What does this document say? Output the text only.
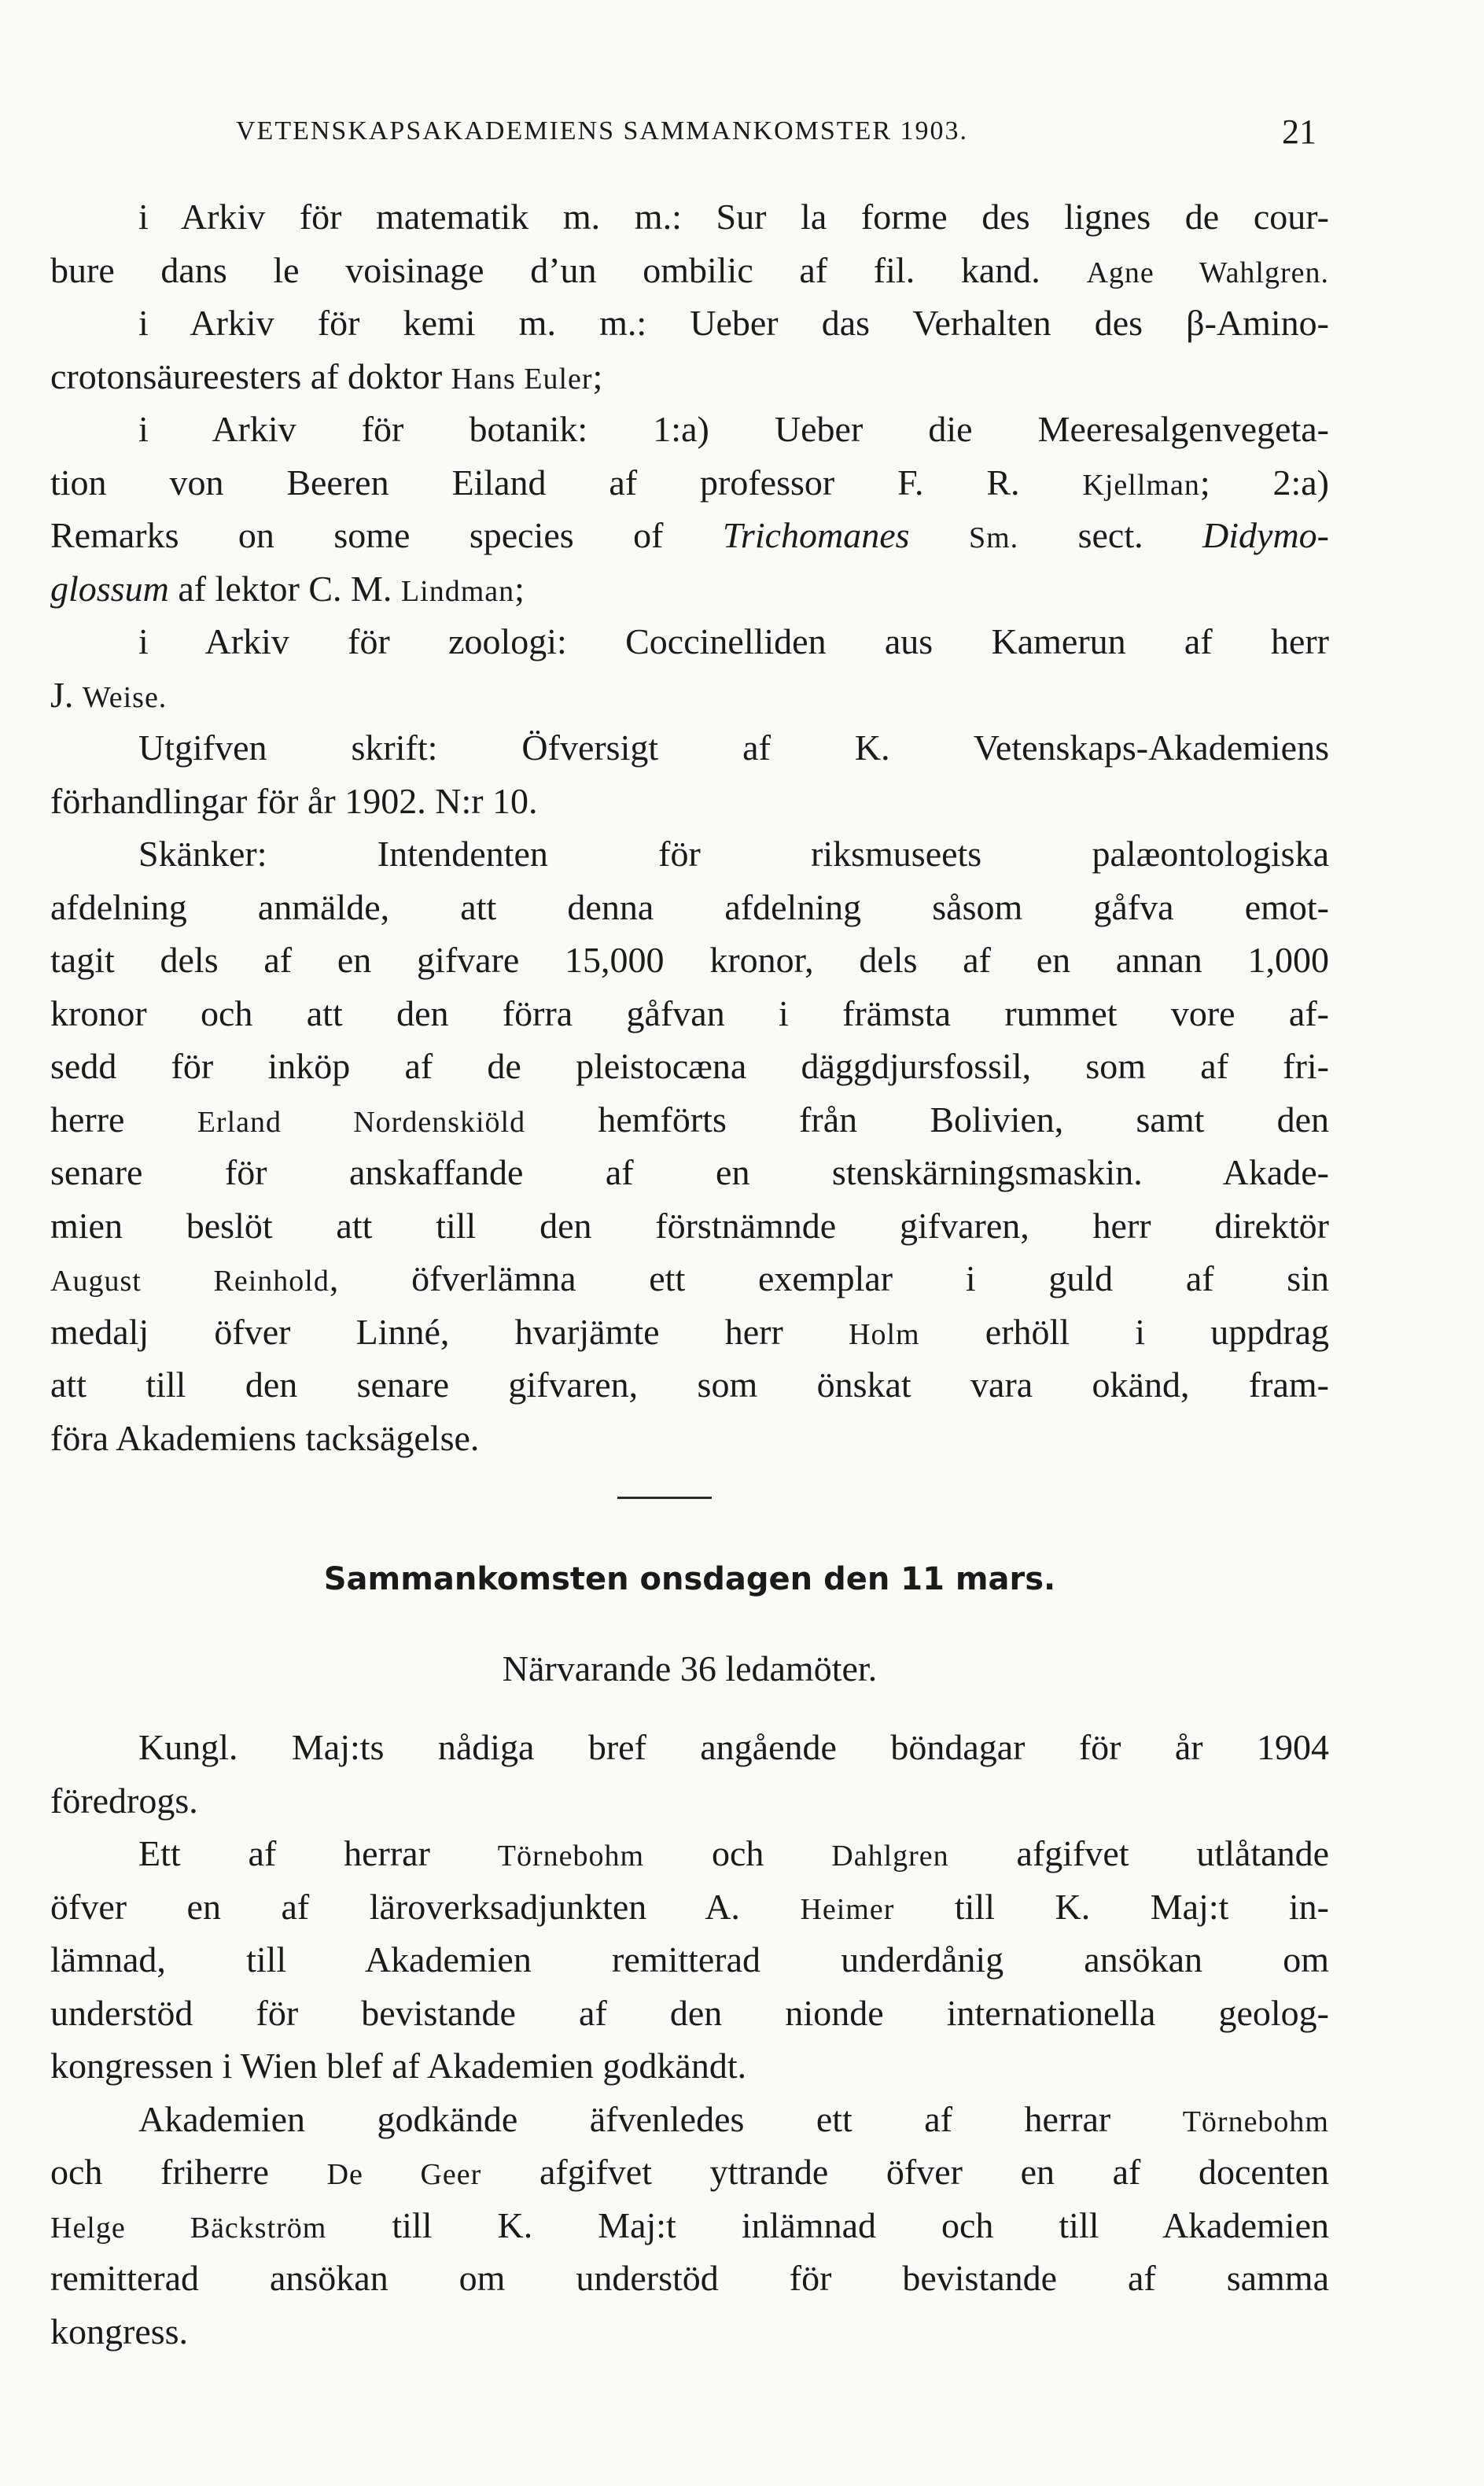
VETENSKAPSAKADEMIENS SAMMANKOMSTER 1903.	21
i Arkiv för matematik m. m.: Sur la forme des lignes de cour-
bure dans le voisinage d’un ombilic af fil. kand. Agne Wahlgren.
i Arkiv för kemi m. m.: Ueber das Verhalten des β-Amino-
crotonsäureesters af doktor Hans Euler;
i Arkiv för botanik: 1:a) Ueber die Meeresalgenvegeta-
tion von Beeren Eiland af professor F. R. Kjellman; 2:a)
Remarks on some species of Trichomanes Sm. sect. Didymo-
glossum af lektor C. M. Lindman;
i Arkiv för zoologi: Coccinelliden aus Kamerun af herr
J. Weise.
Utgifven skrift: Öfversigt af K. Vetenskaps-Akademiens
förhandlingar för år 1902. N:r 10.
Skänker: Intendenten för riksmuseets palæontologiska
afdelning anmälde, att denna afdelning såsom gåfva emot-
tagit dels af en gifvare 15,000 kronor, dels af en annan 1,000
kronor och att den förra gåfvan i främsta rummet vore af-
sedd för inköp af de pleistocæna däggdjursfossil, som af fri-
herre Erland Nordenskiöld hemförts från Bolivien, samt den
senare för anskaffande af en stenskärningsmaskin. Akade-
mien beslöt att till den förstnämnde gifvaren, herr direktör
August Reinhold, öfverlämna ett exemplar i guld af sin
medalj öfver Linné, hvarjämte herr Holm erhöll i uppdrag
att till den senare gifvaren, som önskat vara okänd, fram-
föra Akademiens tacksägelse.
Sammankomsten onsdagen den 11 mars.
Närvarande 36 ledamöter.
Kungl. Maj:ts nådiga bref angående böndagar för år 1904
föredrogs.
Ett af herrar Törnebohm och Dahlgren afgifvet utlåtande
öfver en af läroverksadjunkten A. Heimer till K. Maj:t in-
lämnad, till Akademien remitterad underdånig ansökan om
understöd för bevistande af den nionde internationella geolog-
kongressen i Wien blef af Akademien godkändt.
Akademien godkände äfvenledes ett af herrar Törnebohm
och friherre De Geer afgifvet yttrande öfver en af docenten
Helge Bäckström till K. Maj:t inlämnad och till Akademien
remitterad ansökan om understöd för bevistande af samma
kongress.
